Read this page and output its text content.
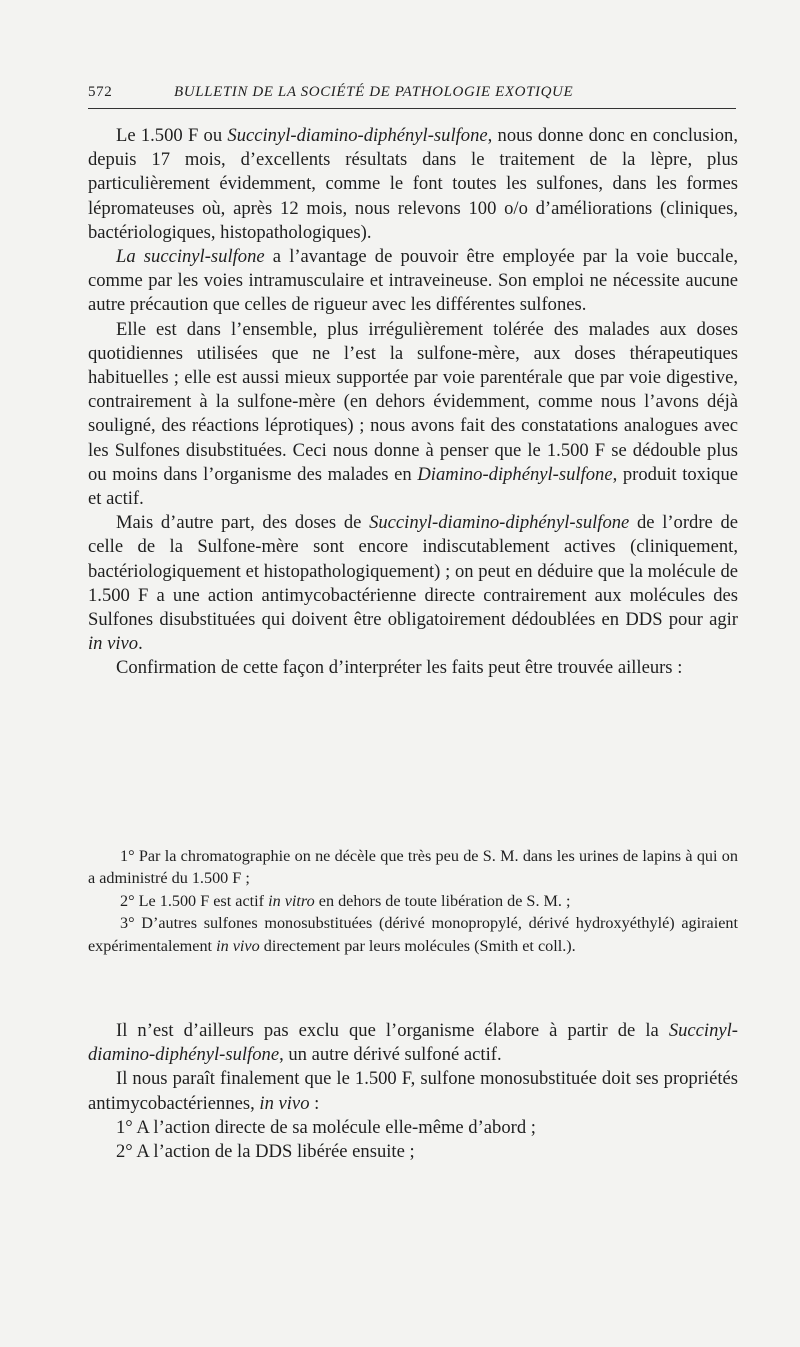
572	BULLETIN DE LA SOCIÉTÉ DE PATHOLOGIE EXOTIQUE

Le 1.500 F ou Succinyl-diamino-diphényl-sulfone, nous donne donc en conclusion, depuis 17 mois, d’excellents résultats dans le traitement de la lèpre, plus particulièrement évidemment, comme le font toutes les sulfones, dans les formes lépromateuses où, après 12 mois, nous relevons 100 o/o d’améliorations (cliniques, bactériologiques, histopathologiques).

La succinyl-sulfone a l’avantage de pouvoir être employée par la voie buccale, comme par les voies intramusculaire et intraveineuse. Son emploi ne nécessite aucune autre précaution que celles de rigueur avec les différentes sulfones.

Elle est dans l’ensemble, plus irrégulièrement tolérée des malades aux doses quotidiennes utilisées que ne l’est la sulfone-mère, aux doses thérapeutiques habituelles ; elle est aussi mieux supportée par voie parentérale que par voie digestive, contrairement à la sulfone-mère (en dehors évidemment, comme nous l’avons déjà souligné, des réactions léprotiques) ; nous avons fait des constatations analogues avec les Sulfones disubstituées. Ceci nous donne à penser que le 1.500 F se dédouble plus ou moins dans l’organisme des malades en Diamino-diphényl-sulfone, produit toxique et actif.

Mais d’autre part, des doses de Succinyl-diamino-diphényl-sulfone de l’ordre de celle de la Sulfone-mère sont encore indiscutablement actives (cliniquement, bactériologiquement et histopathologiquement) ; on peut en déduire que la molécule de 1.500 F a une action antimycobactérienne directe contrairement aux molécules des Sulfones disubstituées qui doivent être obligatoirement dédoublées en DDS pour agir in vivo.

Confirmation de cette façon d’interpréter les faits peut être trouvée ailleurs :

1° Par la chromatographie on ne décèle que très peu de S. M. dans les urines de lapins à qui on a administré du 1.500 F ;

2° Le 1.500 F est actif in vitro en dehors de toute libération de S. M. ;

3° D’autres sulfones monosubstituées (dérivé monopropylé, dérivé hydroxyéthylé) agiraient expérimentalement in vivo directement par leurs molécules (Smith et coll.).

Il n’est d’ailleurs pas exclu que l’organisme élabore à partir de la Succinyl-diamino-diphényl-sulfone, un autre dérivé sulfoné actif.

Il nous paraît finalement que le 1.500 F, sulfone monosubstituée doit ses propriétés antimycobactériennes, in vivo :

1° A l’action directe de sa molécule elle-même d’abord ;

2° A l’action de la DDS libérée ensuite ;
